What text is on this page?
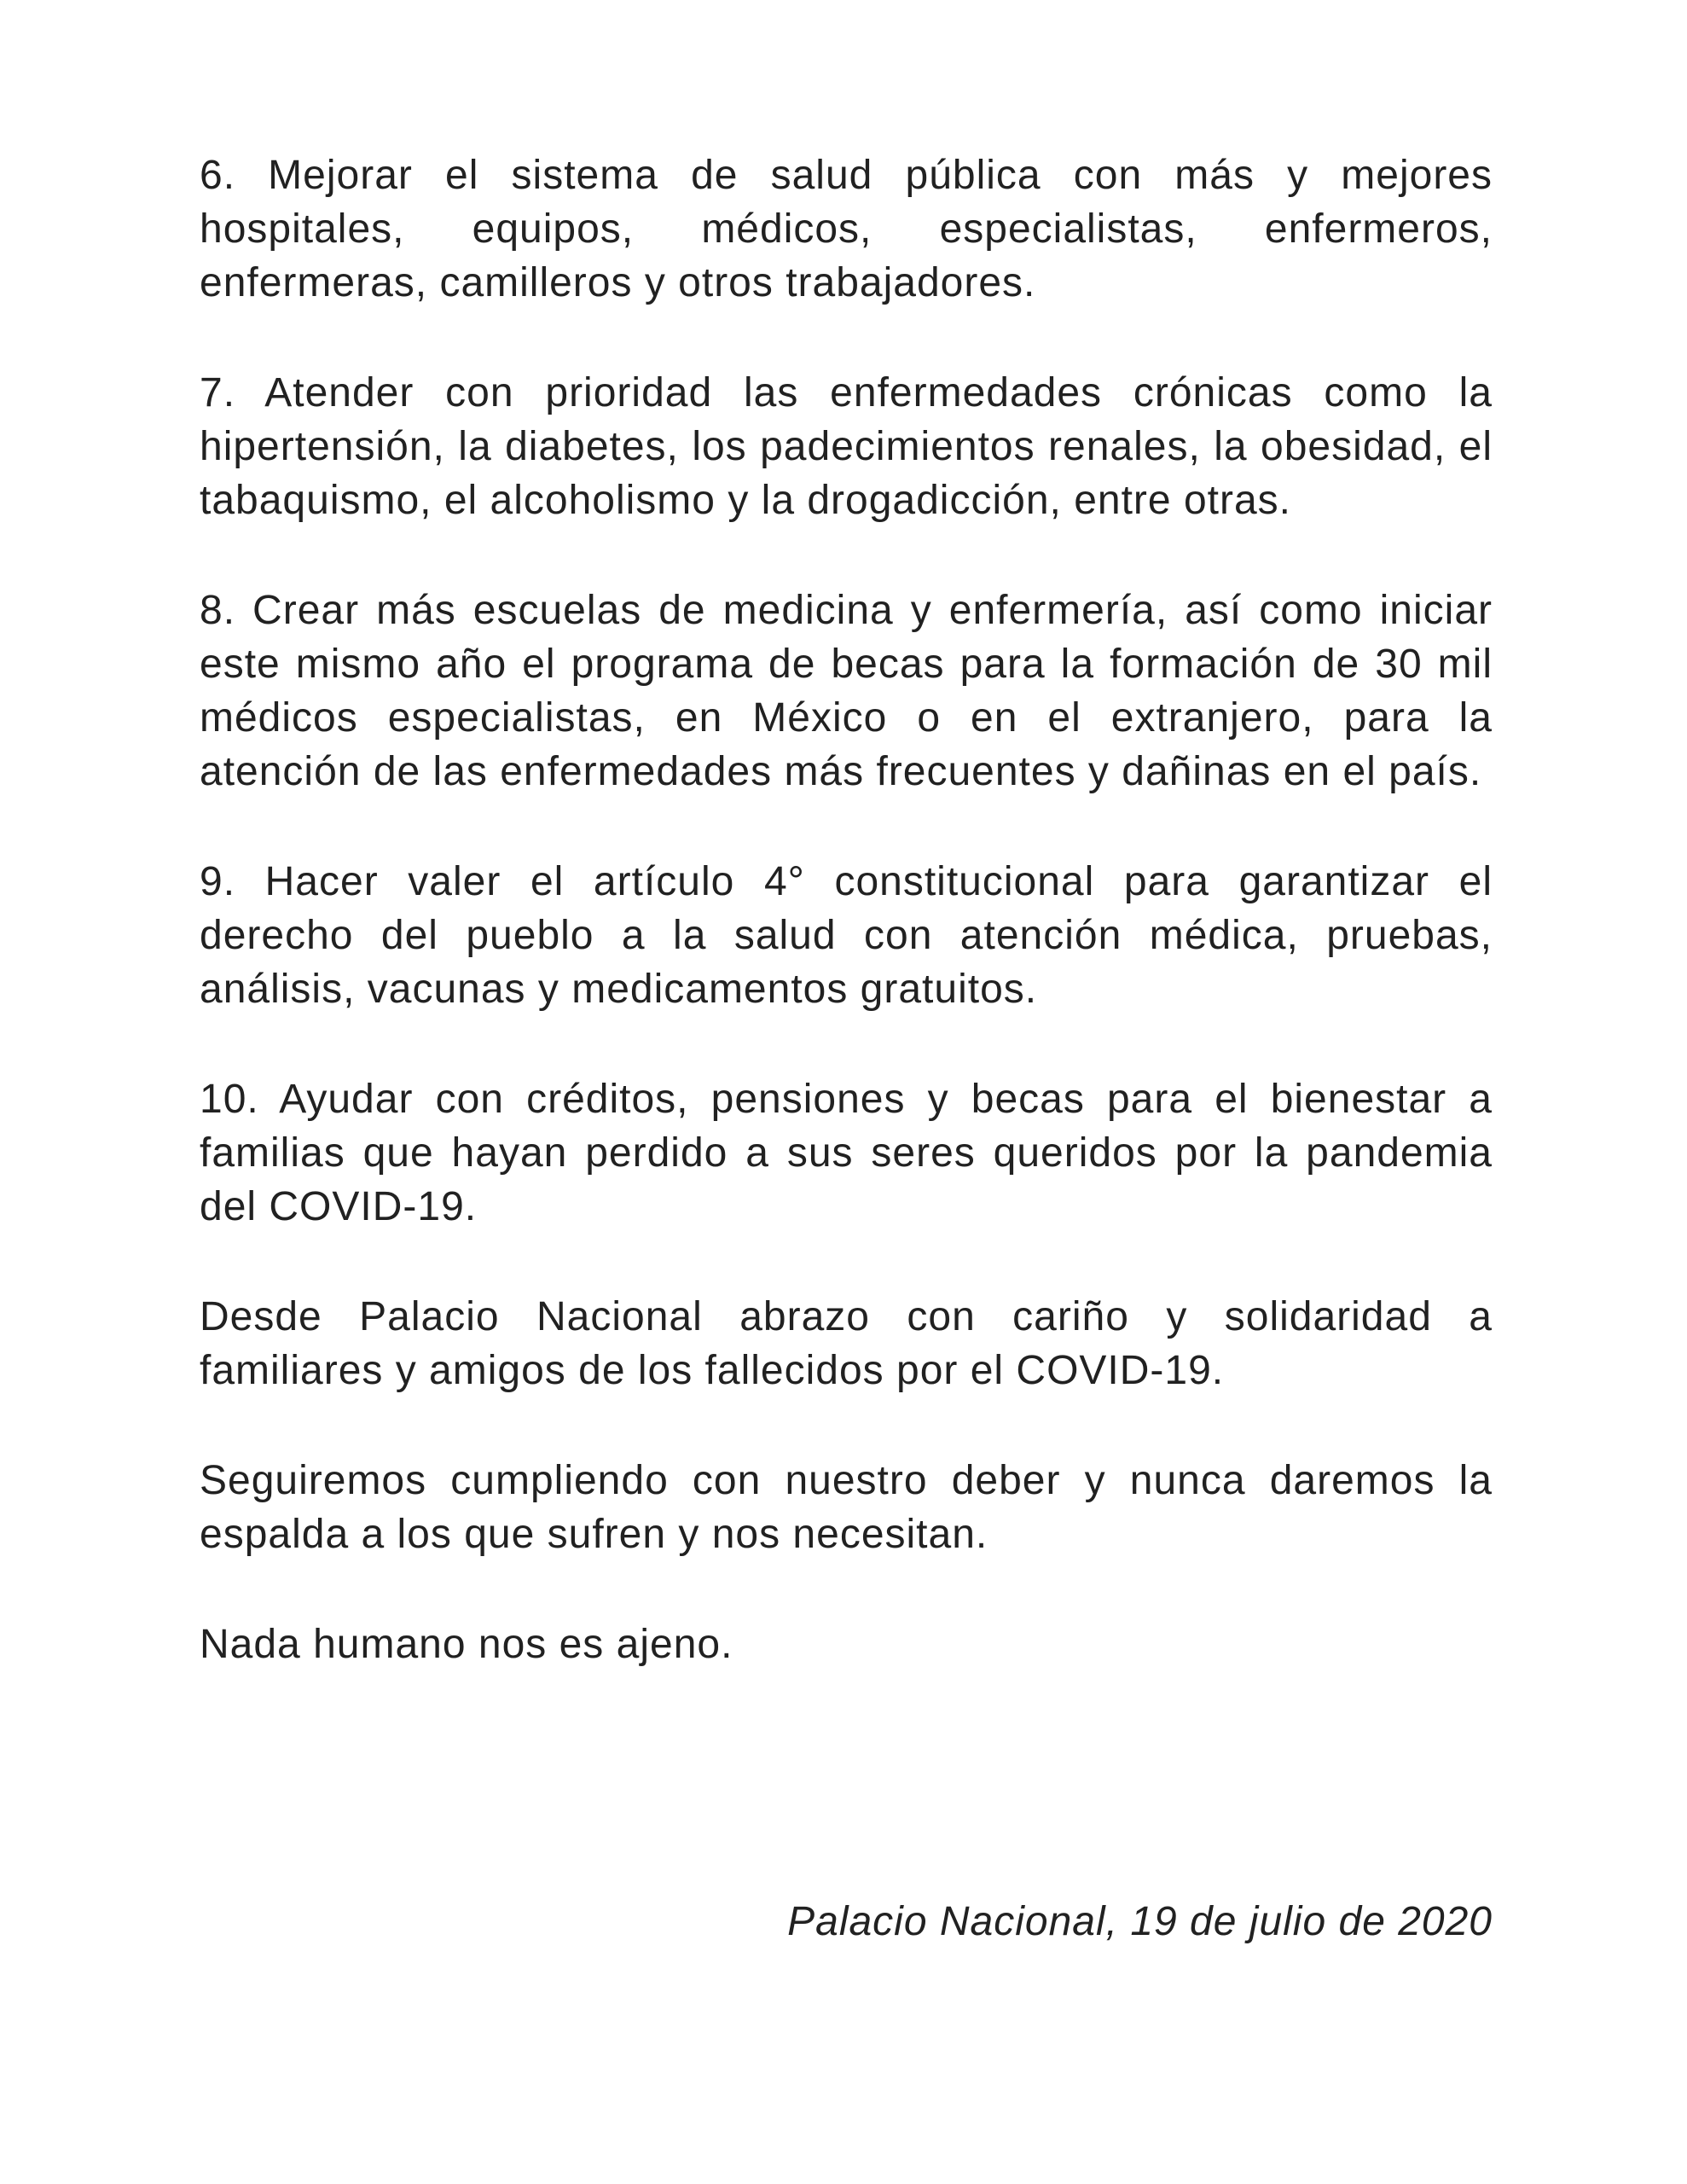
6. Mejorar el sistema de salud pública con más y mejores
hospitales, equipos, médicos, especialistas, enfermeros,
enfermeras, camilleros y otros trabajadores.

7. Atender con prioridad las enfermedades crónicas como la
hipertensión, la diabetes, los padecimientos renales, la obesidad, el
tabaquismo, el alcoholismo y la drogadicción, entre otras.

8. Crear más escuelas de medicina y enfermería, así como iniciar
este mismo año el programa de becas para la formación de 30 mil
médicos especialistas, en México o en el extranjero, para la
atención de las enfermedades más frecuentes y dañinas en el país.

9. Hacer valer el artículo 4° constitucional para garantizar el
derecho del pueblo a la salud con atención médica, pruebas,
análisis, vacunas y medicamentos gratuitos.

10. Ayudar con créditos, pensiones y becas para el bienestar a
familias que hayan perdido a sus seres queridos por la pandemia
del COVID-19.

Desde Palacio Nacional abrazo con cariño y solidaridad a
familiares y amigos de los fallecidos por el COVID-19.

Seguiremos cumpliendo con nuestro deber y nunca daremos la
espalda a los que sufren y nos necesitan.

Nada humano nos es ajeno.

Palacio Nacional, 19 de julio de 2020
